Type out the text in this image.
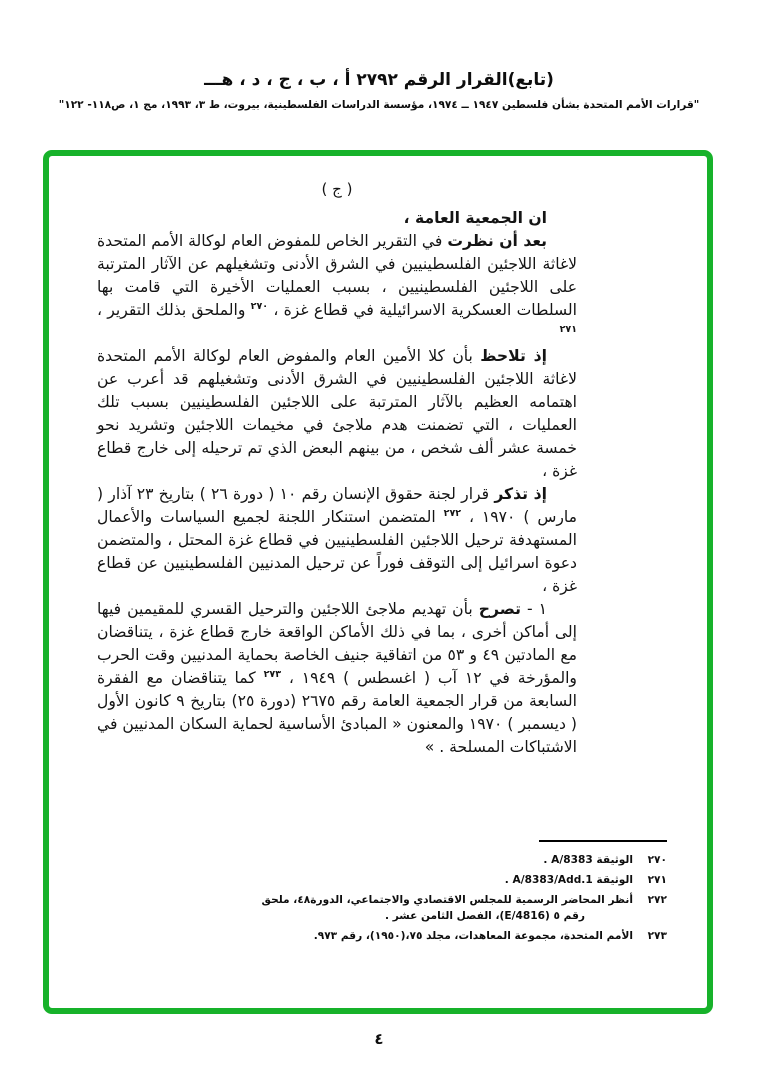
(تابع)القرار الرقم ٢٧٩٢ أ ، ب ، ج ، د ، هـــ
"قرارات الأمم المتحدة بشأن فلسطين ١٩٤٧ ــ ١٩٧٤، مؤسسة الدراسات الفلسطينية، بيروت، ط ٣، ١٩٩٣، مج ١، ص١١٨- ١٢٢"

( ج )

ان الجمعية العامة ،

بعد أن نظرت في التقرير الخاص للمفوض العام لوكالة الأمم المتحدة لاغاثة اللاجئين الفلسطينيين في الشرق الأدنى وتشغيلهم عن الآثار المترتبة على اللاجئين الفلسطينيين ، بسبب العمليات الأخيرة التي قامت بها السلطات العسكرية الاسرائيلية في قطاع غزة ، $^{٢٧٠}$ والملحق بذلك التقرير ، $^{٢٧١}$

إذ تلاحظ بأن كلا الأمين العام والمفوض العام لوكالة الأمم المتحدة لاغاثة اللاجئين الفلسطينيين في الشرق الأدنى وتشغيلهم قد أعرب عن اهتمامه العظيم بالآثار المترتبة على اللاجئين الفلسطينيين بسبب تلك العمليات ، التي تضمنت هدم ملاجئ في مخيمات اللاجئين وتشريد نحو خمسة عشر ألف شخص ، من بينهم البعض الذي تم ترحيله إلى خارج قطاع غزة ،

إذ تذكر قرار لجنة حقوق الإنسان رقم ١٠ ( دورة ٢٦ ) بتاريخ ٢٣ آذار ( مارس ) ١٩٧٠ ، $^{٢٧٢}$ المتضمن استنكار اللجنة لجميع السياسات والأعمال المستهدفة ترحيل اللاجئين الفلسطينيين في قطاع غزة المحتل ، والمتضمن دعوة اسرائيل إلى التوقف فوراً عن ترحيل المدنيين الفلسطينيين عن قطاع غزة ،

١ - تصرح بأن تهديم ملاجئ اللاجئين والترحيل القسري للمقيمين فيها إلى أماكن أخرى ، بما في ذلك الأماكن الواقعة خارج قطاع غزة ، يتناقضان مع المادتين ٤٩ و ٥٣ من اتفاقية جنيف الخاصة بحماية المدنيين وقت الحرب والمؤرخة في ١٢ آب ( اغسطس ) ١٩٤٩ ، $^{٢٧٣}$ كما يتناقضان مع الفقرة السابعة من قرار الجمعية العامة رقم ٢٦٧٥ (دورة ٢٥) بتاريخ ٩ كانون الأول ( ديسمبر ) ١٩٧٠ والمعنون « المبادئ الأساسية لحماية السكان المدنيين في الاشتباكات المسلحة . »

٢٧٠
الوثيقة A/8383 .
٢٧١
الوثيقة A/8383/Add.1 .
٢٧٢
أنظر المحاضر الرسمية للمجلس الاقتصادي والاجتماعي، الدورة٤٨، ملحق
رقم ٥ (E/4816)، الفصل الثامن عشر .
٢٧٣
الأمم المتحدة، مجموعة المعاهدات، مجلد ٧٥،(١٩٥٠)، رقم ٩٧٣.
٤
